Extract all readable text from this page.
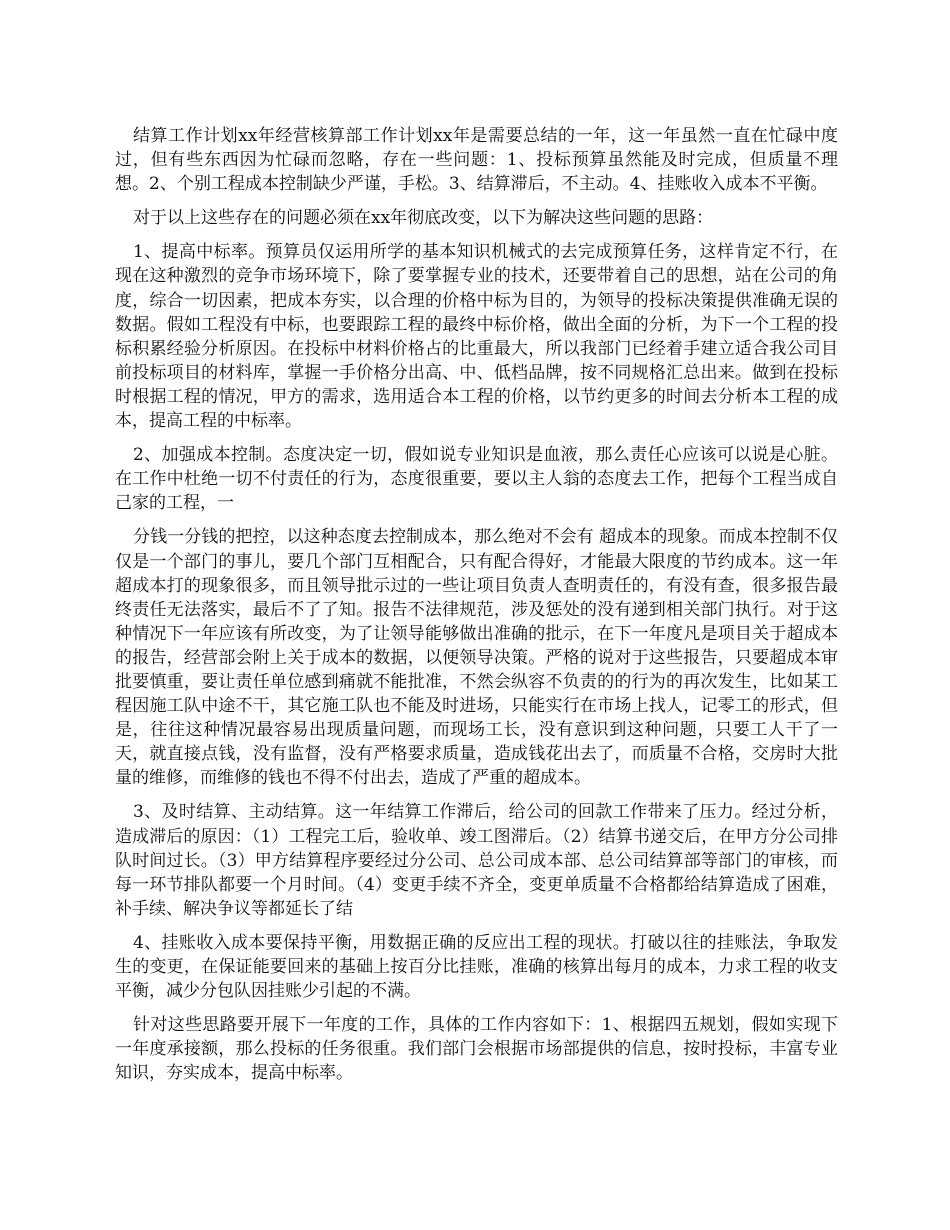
结算工作计划xx年经营核算部工作计划xx年是需要总结的一年，这一年虽然一直在忙碌中度过，但有些东西因为忙碌而忽略，存在一些问题：1、投标预算虽然能及时完成，但质量不理想。2、个别工程成本控制缺少严谨，手松。3、结算滞后，不主动。4、挂账收入成本不平衡。

对于以上这些存在的问题必须在xx年彻底改变，以下为解决这些问题的思路：

1、提高中标率。预算员仅运用所学的基本知识机械式的去完成预算任务，这样肯定不行，在现在这种激烈的竞争市场环境下，除了要掌握专业的技术，还要带着自己的思想，站在公司的角度，综合一切因素，把成本夯实，以合理的价格中标为目的，为领导的投标决策提供准确无误的数据。假如工程没有中标，也要跟踪工程的最终中标价格，做出全面的分析，为下一个工程的投标积累经验分析原因。在投标中材料价格占的比重最大，所以我部门已经着手建立适合我公司目前投标项目的材料库，掌握一手价格分出高、中、低档品牌，按不同规格汇总出来。做到在投标时根据工程的情况，甲方的需求，选用适合本工程的价格，以节约更多的时间去分析本工程的成本，提高工程的中标率。

2、加强成本控制。态度决定一切，假如说专业知识是血液，那么责任心应该可以说是心脏。在工作中杜绝一切不付责任的行为，态度很重要，要以主人翁的态度去工作，把每个工程当成自己家的工程，一

分钱一分钱的把控，以这种态度去控制成本，那么绝对不会有 超成本的现象。而成本控制不仅仅是一个部门的事儿，要几个部门互相配合，只有配合得好，才能最大限度的节约成本。这一年超成本打的现象很多，而且领导批示过的一些让项目负责人查明责任的，有没有查，很多报告最终责任无法落实，最后不了了知。报告不法律规范，涉及惩处的没有递到相关部门执行。对于这种情况下一年应该有所改变，为了让领导能够做出准确的批示，在下一年度凡是项目关于超成本的报告，经营部会附上关于成本的数据，以便领导决策。严格的说对于这些报告，只要超成本审批要慎重，要让责任单位感到痛就不能批准，不然会纵容不负责的的行为的再次发生，比如某工程因施工队中途不干，其它施工队也不能及时进场，只能实行在市场上找人，记零工的形式，但是，往往这种情况最容易出现质量问题，而现场工长，没有意识到这种问题，只要工人干了一天，就直接点钱，没有监督，没有严格要求质量，造成钱花出去了，而质量不合格，交房时大批量的维修，而维修的钱也不得不付出去，造成了严重的超成本。

3、及时结算、主动结算。这一年结算工作滞后，给公司的回款工作带来了压力。经过分析，造成滞后的原因：（1）工程完工后，验收单、竣工图滞后。（2）结算书递交后，在甲方分公司排队时间过长。（3）甲方结算程序要经过分公司、总公司成本部、总公司结算部等部门的审核，而每一环节排队都要一个月时间。（4）变更手续不齐全，变更单质量不合格都给结算造成了困难，补手续、解决争议等都延长了结

4、挂账收入成本要保持平衡，用数据正确的反应出工程的现状。打破以往的挂账法，争取发生的变更，在保证能要回来的基础上按百分比挂账，准确的核算出每月的成本，力求工程的收支平衡，减少分包队因挂账少引起的不满。

针对这些思路要开展下一年度的工作，具体的工作内容如下：1、根据四五规划，假如实现下一年度承接额，那么投标的任务很重。我们部门会根据市场部提供的信息，按时投标，丰富专业知识，夯实成本，提高中标率。
